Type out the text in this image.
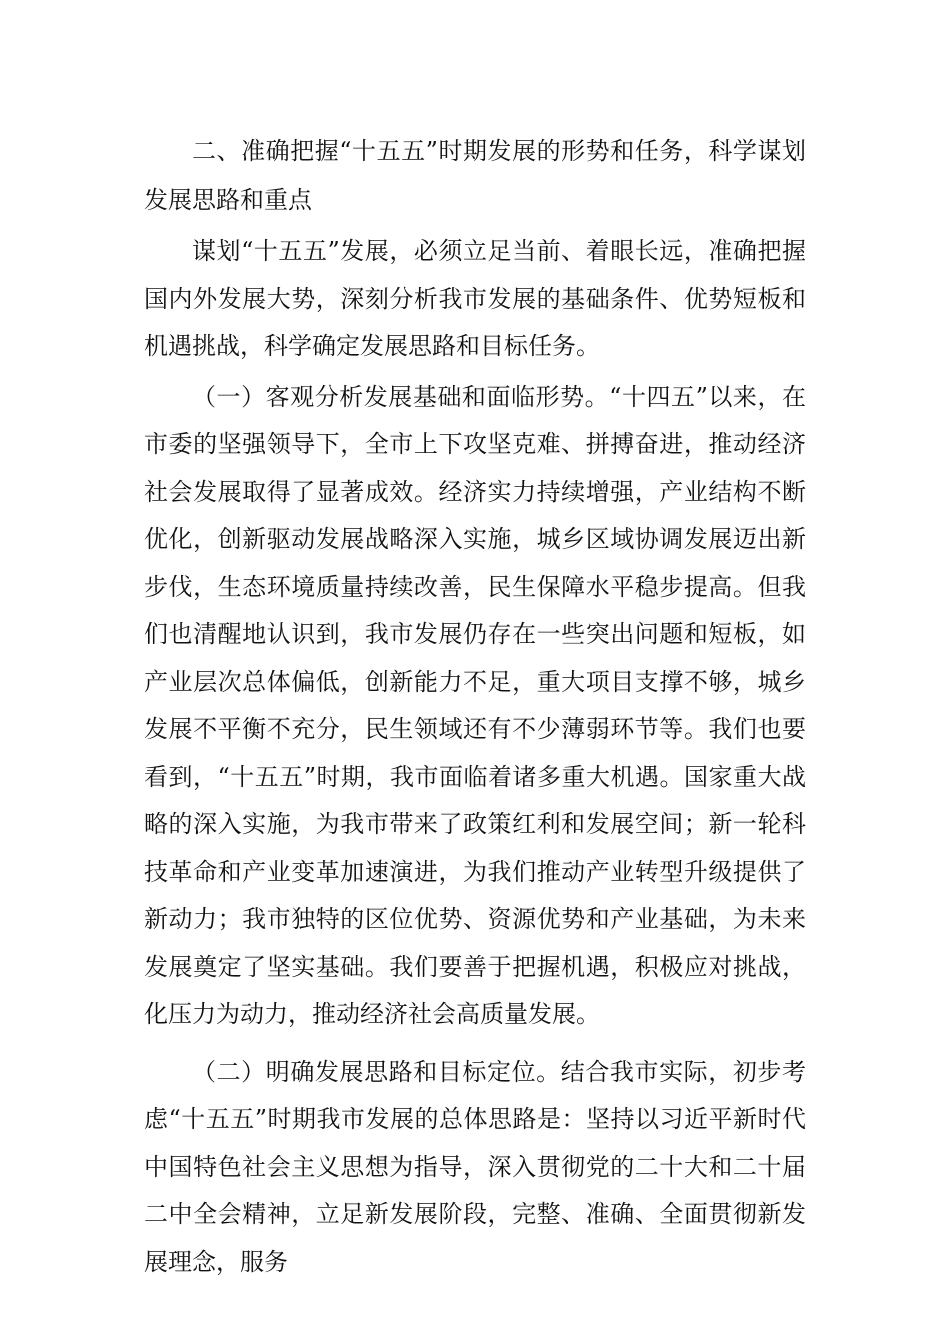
二、准确把握“十五五”时期发展的形势和任务，科学谋划发展思路和重点

谋划“十五五”发展，必须立足当前、着眼长远，准确把握国内外发展大势，深刻分析我市发展的基础条件、优势短板和机遇挑战，科学确定发展思路和目标任务。

（一）客观分析发展基础和面临形势。“十四五”以来，在市委的坚强领导下，全市上下攻坚克难、拼搏奋进，推动经济社会发展取得了显著成效。经济实力持续增强，产业结构不断优化，创新驱动发展战略深入实施，城乡区域协调发展迈出新步伐，生态环境质量持续改善，民生保障水平稳步提高。但我们也清醒地认识到，我市发展仍存在一些突出问题和短板，如产业层次总体偏低，创新能力不足，重大项目支撑不够，城乡发展不平衡不充分，民生领域还有不少薄弱环节等。我们也要看到，“十五五”时期，我市面临着诸多重大机遇。国家重大战略的深入实施，为我市带来了政策红利和发展空间；新一轮科技革命和产业变革加速演进，为我们推动产业转型升级提供了新动力；我市独特的区位优势、资源优势和产业基础，为未来发展奠定了坚实基础。我们要善于把握机遇，积极应对挑战，化压力为动力，推动经济社会高质量发展。

（二）明确发展思路和目标定位。结合我市实际，初步考虑“十五五”时期我市发展的总体思路是：坚持以习近平新时代中国特色社会主义思想为指导，深入贯彻党的二十大和二十届二中全会精神，立足新发展阶段，完整、准确、全面贯彻新发展理念，服务
